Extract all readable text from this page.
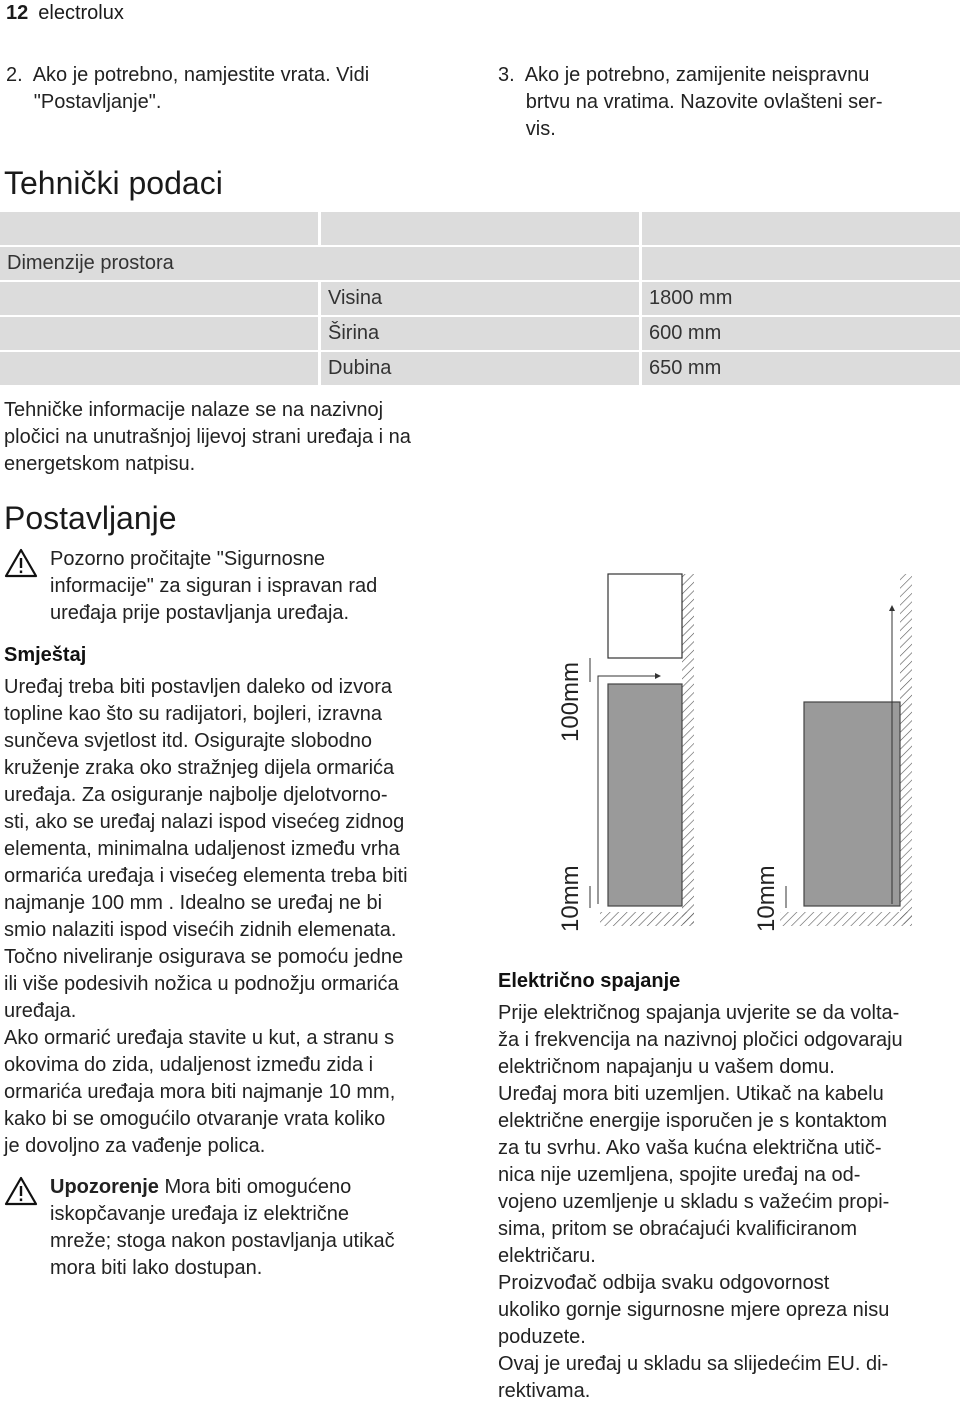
12 electrolux
2.  Ako je potrebno, namjestite vrata. Vidi
"Postavljanje".
3.  Ako je potrebno, zamijenite neispravnu
brtvu na vratima. Nazovite ovlašteni ser-
vis.
Tehnički podaci
Dimenzije prostora
Visina	1800 mm
Širina	600 mm
Dubina	650 mm
Tehničke informacije nalaze se na nazivnoj
pločici na unutrašnjoj lijevoj strani uređaja i na
energetskom natpisu.
Postavljanje
Pozorno pročitajte "Sigurnosne
informacije" za siguran i ispravan rad
uređaja prije postavljanja uređaja.
Smještaj
Uređaj treba biti postavljen daleko od izvora
topline kao što su radijatori, bojleri, izravna
sunčeva svjetlost itd. Osigurajte slobodno
kruženje zraka oko stražnjeg dijela ormarića
uređaja. Za osiguranje najbolje djelotvorno-
sti, ako se uređaj nalazi ispod visećeg zidnog
elementa, minimalna udaljenost između vrha
ormarića uređaja i visećeg elementa treba biti
najmanje 100 mm . Idealno se uređaj ne bi
smio nalaziti ispod visećih zidnih elemenata.
Točno niveliranje osigurava se pomoću jedne
ili više podesivih nožica u podnožju ormarića
uređaja.
Ako ormarić uređaja stavite u kut, a stranu s
okovima do zida, udaljenost između zida i
ormarića uređaja mora biti najmanje 10 mm,
kako bi se omogućilo otvaranje vrata koliko
je dovoljno za vađenje polica.
Upozorenje Mora biti omogućeno
iskopčavanje uređaja iz električne
mreže; stoga nakon postavljanja utikač
mora biti lako dostupan.
100mm
10mm	10mm
Električno spajanje
Prije električnog spajanja uvjerite se da volta-
ža i frekvencija na nazivnoj pločici odgovaraju
električnom napajanju u vašem domu.
Uređaj mora biti uzemljen. Utikač na kabelu
električne energije isporučen je s kontaktom
za tu svrhu. Ako vaša kućna električna utič-
nica nije uzemljena, spojite uređaj na od-
vojeno uzemljenje u skladu s važećim propi-
sima, pritom se obraćajući kvalificiranom
električaru.
Proizvođač odbija svaku odgovornost
ukoliko gornje sigurnosne mjere opreza nisu
poduzete.
Ovaj je uređaj u skladu sa slijedećim EU. di-
rektivama.
